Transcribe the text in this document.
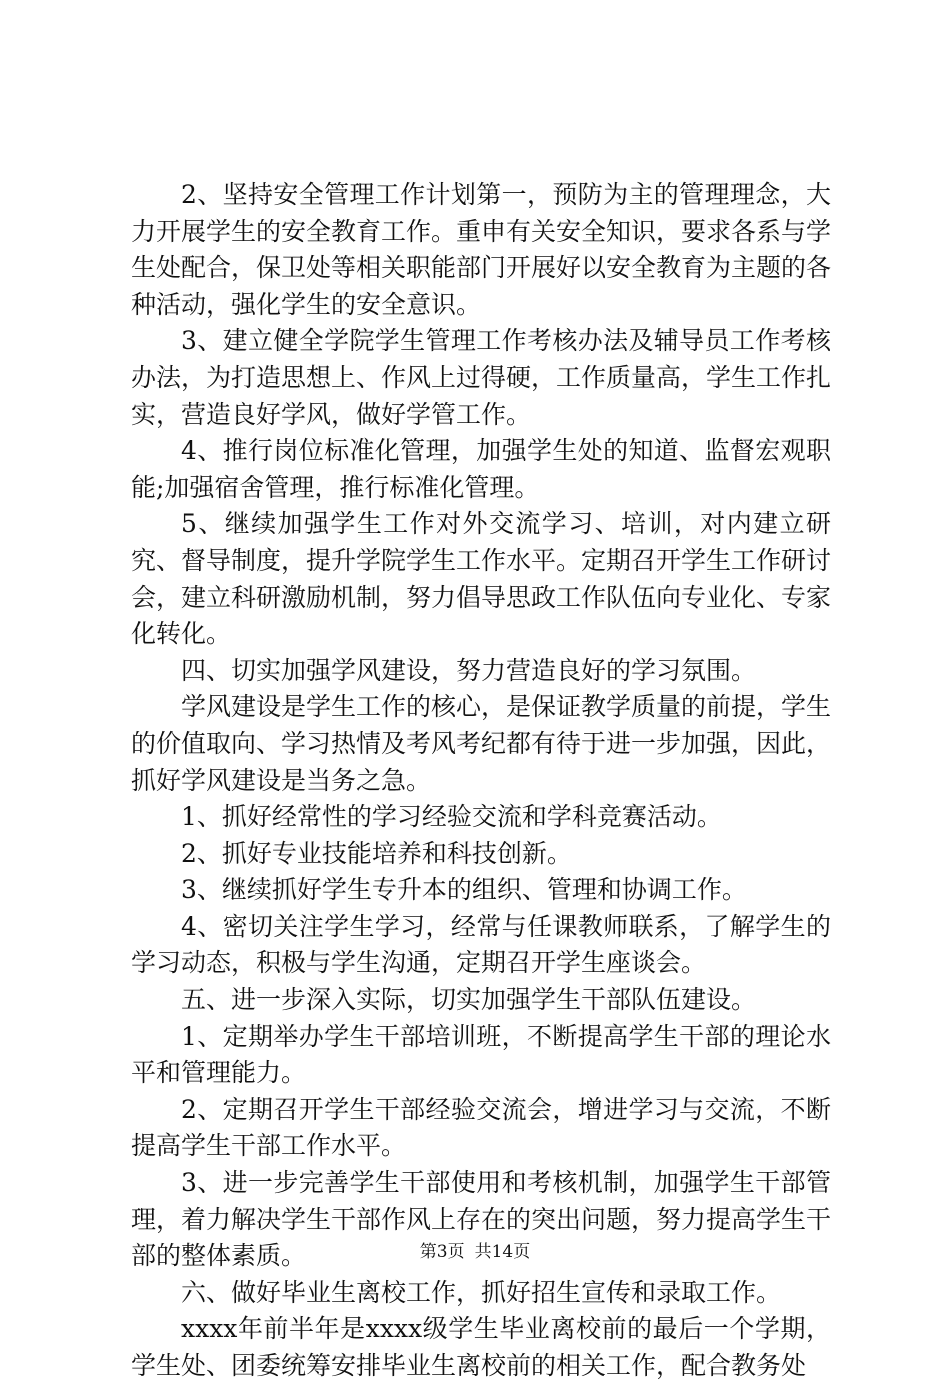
2、坚持安全管理工作计划第一，预防为主的管理理念，大力开展学生的安全教育工作。重申有关安全知识，要求各系与学生处配合，保卫处等相关职能部门开展好以安全教育为主题的各种活动，强化学生的安全意识。

3、建立健全学院学生管理工作考核办法及辅导员工作考核办法，为打造思想上、作风上过得硬，工作质量高，学生工作扎实，营造良好学风，做好学管工作。

4、推行岗位标准化管理，加强学生处的知道、监督宏观职能;加强宿舍管理，推行标准化管理。

5、继续加强学生工作对外交流学习、培训，对内建立研究、督导制度，提升学院学生工作水平。定期召开学生工作研讨会，建立科研激励机制，努力倡导思政工作队伍向专业化、专家化转化。

四、切实加强学风建设，努力营造良好的学习氛围。

学风建设是学生工作的核心，是保证教学质量的前提，学生的价值取向、学习热情及考风考纪都有待于进一步加强，因此，抓好学风建设是当务之急。

1、抓好经常性的学习经验交流和学科竞赛活动。

2、抓好专业技能培养和科技创新。

3、继续抓好学生专升本的组织、管理和协调工作。

4、密切关注学生学习，经常与任课教师联系，了解学生的学习动态，积极与学生沟通，定期召开学生座谈会。

五、进一步深入实际，切实加强学生干部队伍建设。

1、定期举办学生干部培训班，不断提高学生干部的理论水平和管理能力。

2、定期召开学生干部经验交流会，增进学习与交流，不断提高学生干部工作水平。

3、进一步完善学生干部使用和考核机制，加强学生干部管理，着力解决学生干部作风上存在的突出问题，努力提高学生干部的整体素质。

六、做好毕业生离校工作，抓好招生宣传和录取工作。

xxxx年前半年是xxxx级学生毕业离校前的最后一个学期，学生处、团委统筹安排毕业生离校前的相关工作，配合教务处

第3页 共14页
